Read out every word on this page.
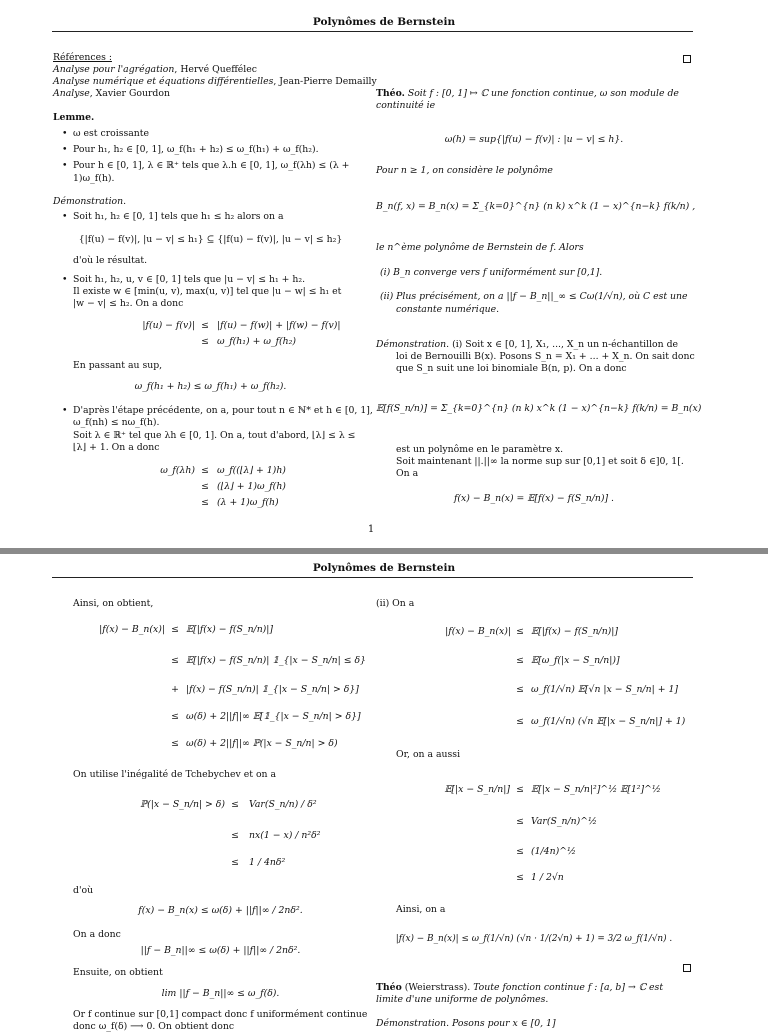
Polynômes de Bernstein
Références :
Analyse pour l'agrégation, Hervé Queffélec
Analyse numérique et équations différentielles, Jean-Pierre Demailly
Analyse, Xavier Gourdon
Lemme.
• ω est croissante
• Pour h₁, h₂ ∈ [0, 1], ω_f(h₁ + h₂) ≤ ω_f(h₁) + ω_f(h₂).
• Pour h ∈ [0, 1], λ ∈ ℝ⁺ tels que λ.h ∈ [0, 1], ω_f(λh) ≤ (λ +
1)ω_f(h).
Démonstration.
• Soit h₁, h₂ ∈ [0, 1] tels que h₁ ≤ h₂ alors on a
{|f(u) − f(v)|, |u − v| ≤ h₁} ⊆ {|f(u) − f(v)|, |u − v| ≤ h₂}
d'où le résultat.
• Soit h₁, h₂, u, v ∈ [0, 1] tels que |u − v| ≤ h₁ + h₂.
Il existe w ∈ [min(u, v), max(u, v)] tel que |u − w| ≤ h₁ et
|w − v| ≤ h₂. On a donc
|f(u) − f(v)| ≤ |f(u) − f(w)| + |f(w) − f(v)|
≤ ω_f(h₁) + ω_f(h₂)
En passant au sup,
ω_f(h₁ + h₂) ≤ ω_f(h₁) + ω_f(h₂).
• D'après l'étape précédente, on a, pour tout n ∈ ℕ* et h ∈ [0, 1],
ω_f(nh) ≤ nω_f(h).
Soit λ ∈ ℝ⁺ tel que λh ∈ [0, 1]. On a, tout d'abord, ⌊λ⌋ ≤ λ ≤
⌊λ⌋ + 1. On a donc
ω_f(λh) ≤ ω_f((⌊λ⌋ + 1)h)
≤ (⌊λ⌋ + 1)ω_f(h)
≤ (λ + 1)ω_f(h)
Théo. Soit f : [0, 1] ↦ ℂ une fonction continue, ω son module de
continuité ie
ω(h) = sup{|f(u) − f(v)| : |u − v| ≤ h}.
Pour n ≥ 1, on considère le polynôme
B_n(f, x) = B_n(x) = Σ_{k=0}^{n} (n k) x^k (1 − x)^{n−k} f(k/n) ,
le n^ème polynôme de Bernstein de f. Alors
(i) B_n converge vers f uniformément sur [0,1].
(ii) Plus précisément, on a ||f − B_n||_∞ ≤ Cω(1/√n), où C est une
constante numérique.
Démonstration. (i) Soit x ∈ [0, 1], X₁, ..., X_n un n-échantillon de
loi de Bernouilli B(x). Posons S_n = X₁ + ... + X_n. On sait donc
que S_n suit une loi binomiale B(n, p). On a donc
𝔼[f(S_n/n)] = Σ_{k=0}^{n} (n k) x^k (1 − x)^{n−k} f(k/n) = B_n(x)
est un polynôme en le paramètre x.
Soit maintenant ||.||∞ la norme sup sur [0,1] et soit δ ∈]0, 1[.
On a
f(x) − B_n(x) = 𝔼[f(x) − f(S_n/n)] .
1
Polynômes de Bernstein
Ainsi, on obtient,
|f(x) − B_n(x)| ≤ 𝔼[|f(x) − f(S_n/n)|]
≤ 𝔼[|f(x) − f(S_n/n)| 𝟙_{|x − S_n/n| ≤ δ}
+ |f(x) − f(S_n/n)| 𝟙_{|x − S_n/n| > δ}]
≤ ω(δ) + 2||f||∞ 𝔼[𝟙_{|x − S_n/n| > δ}]
≤ ω(δ) + 2||f||∞ ℙ(|x − S_n/n| > δ)
On utilise l'inégalité de Tchebychev et on a
ℙ(|x − S_n/n| > δ) ≤	Var(S_n/n) / δ²
≤	nx(1 − x) / n²δ²
≤	1 / 4nδ²
d'où
f(x) − B_n(x) ≤ ω(δ) + ||f||∞ / 2nδ².
On a donc
||f − B_n||∞ ≤ ω(δ) + ||f||∞ / 2nδ².
Ensuite, on obtient
lim ||f − B_n||∞ ≤ ω_f(δ).
Or f continue sur [0,1] compact donc f uniformément continue
donc ω_f(δ) ⟶ 0. On obtient donc
(ii) On a
|f(x) − B_n(x)| ≤ 𝔼[|f(x) − f(S_n/n)|]
≤ 𝔼[ω_f(|x − S_n/n|)]
≤ ω_f(1/√n) 𝔼[√n |x − S_n/n| + 1]
≤ ω_f(1/√n) (√n 𝔼[|x − S_n/n|] + 1)
Or, on a aussi
𝔼[|x − S_n/n|] ≤ 𝔼[|x − S_n/n|²]^½ 𝔼[1²]^½
≤ Var(S_n/n)^½
≤ (1/4n)^½
≤ 1 / 2√n
Ainsi, on a
|f(x) − B_n(x)| ≤ ω_f(1/√n) (√n · 1/(2√n) + 1) = 3/2 ω_f(1/√n) .
Théo (Weierstrass). Toute fonction continue f : [a, b] → ℂ est
limite d'une uniforme de polynômes.
Démonstration. Posons pour x ∈ [0, 1]
